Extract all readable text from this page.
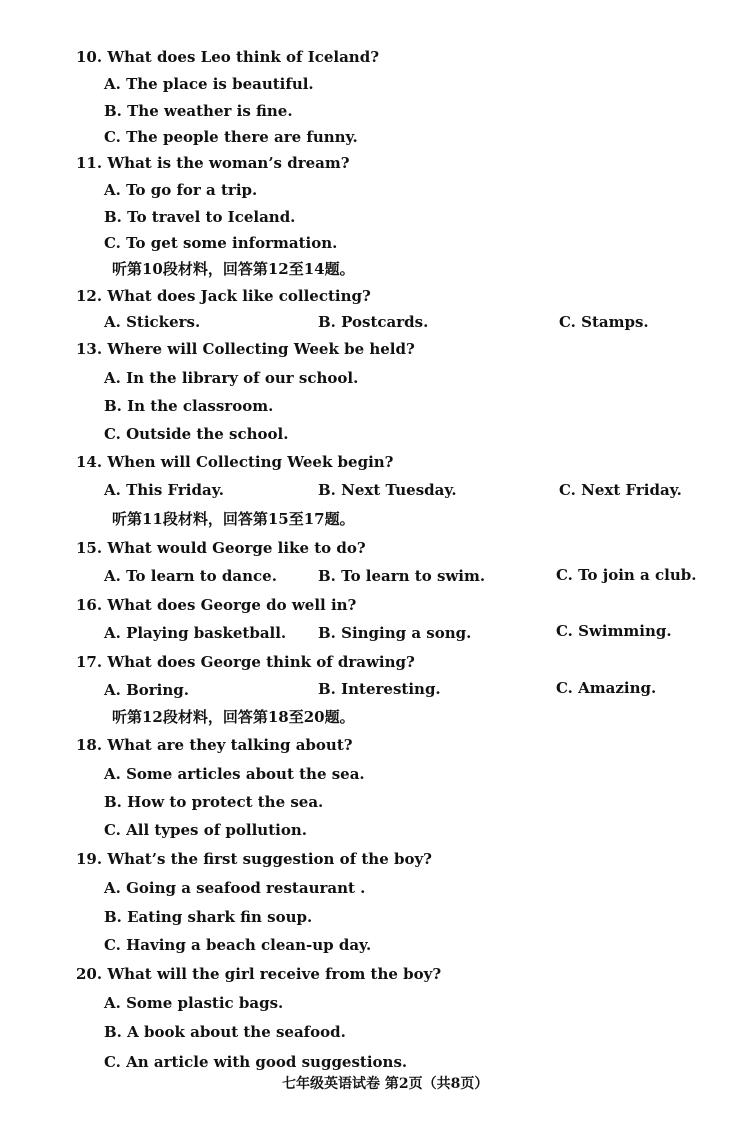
10. What does Leo think of Iceland?
A. The place is beautiful.
B. The weather is fine.
C. The people there are funny.
11. What is the woman’s dream?
A. To go for a trip.
B. To travel to Iceland.
C. To get some information.
听第10段材料，回答第12至14题。
12. What does Jack like collecting?
A. Stickers.	B. Postcards.	C. Stamps.
13. Where will Collecting Week be held?
A. In the library of our school.
B. In the classroom.
C. Outside the school.
14. When will Collecting Week begin?
A. This Friday.	B. Next Tuesday.	C. Next Friday.
听第11段材料，回答第15至17题。
15. What would George like to do?
A. To learn to dance.	B. To learn to swim.	C. To join a club.
16. What does George do well in?
A. Playing basketball. B. Singing a song.	C. Swimming.
17. What does George think of drawing?
A. Boring.	B. Interesting.	C. Amazing.
听第12段材料，回答第18至20题。
18. What are they talking about?
A. Some articles about the sea.
B. How to protect the sea.
C. All types of pollution.
19. What’s the first suggestion of the boy?
A. Going a seafood restaurant .
B. Eating shark fin soup.
C. Having a beach clean-up day.
20. What will the girl receive from the boy?
A. Some plastic bags.
B. A book about the seafood.
C. An article with good suggestions.
七年级英语试卷 第2页（共8页）
